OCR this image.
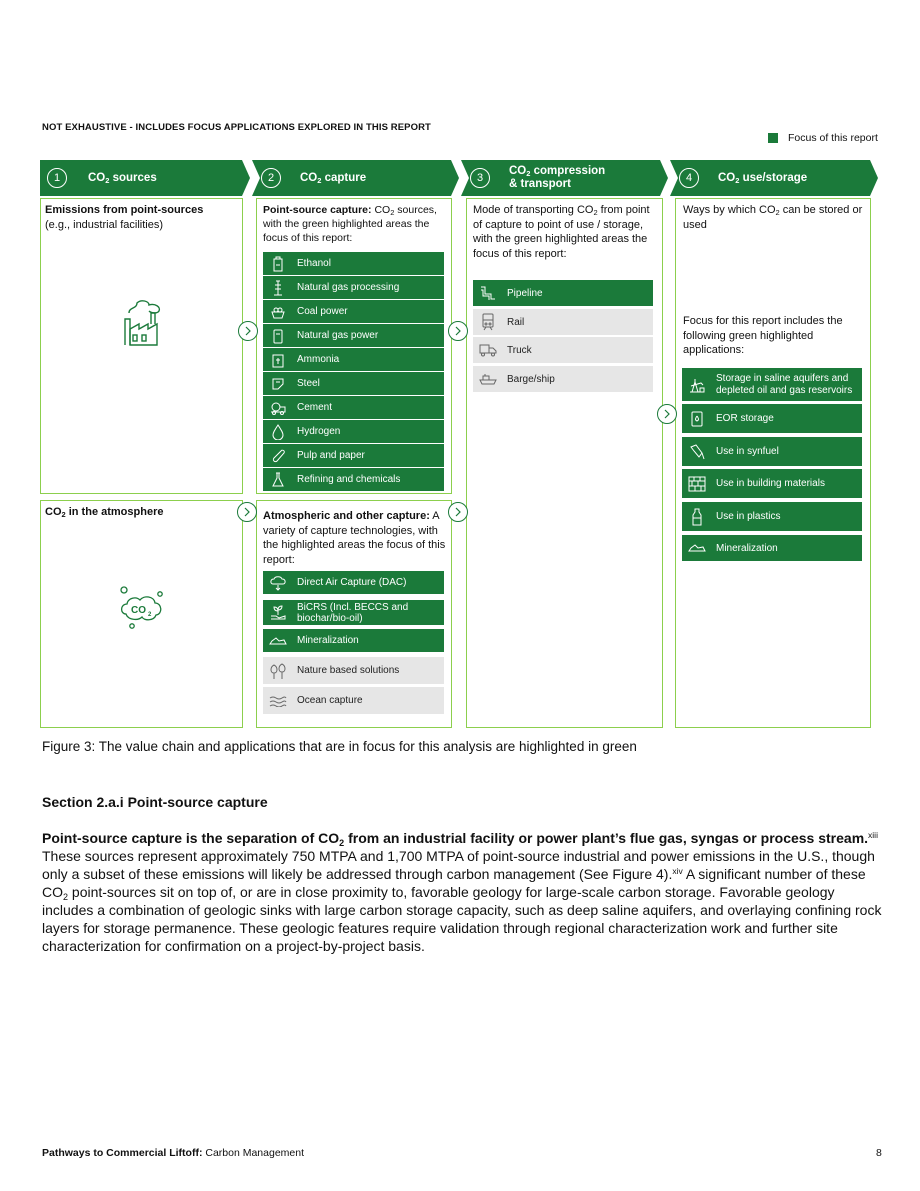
NOT EXHAUSTIVE - INCLUDES FOCUS APPLICATIONS EXPLORED IN THIS REPORT
Focus of this report
1	$CO_2$ sources	2	$CO_2$ capture	3
$CO_2$ compression
& transport	4	$CO_2$ use/storage
Emissions from point-sources
(e.g., industrial facilities)
$CO_2$ in the atmosphere
CO 2
Point-source capture: $CO_2$ sources, with the green highlighted areas the focus of this report:
Atmospheric and other capture: A variety of capture technologies, with the highlighted areas the focus of this report:
Mode of transporting $CO_2$ from point of capture to point of use / storage, with the green highlighted areas the focus of this report:
Ways by which $CO_2$ can be stored or used
Focus for this report includes the following green highlighted applications:
Ethanol
Natural gas processing
Coal power
Natural gas power
Ammonia
Steel
Cement
Hydrogen
Pulp and paper
Refining and chemicals
Direct Air Capture (DAC)
BiCRS (Incl. BECCS and biochar/bio-oil)
Mineralization
Nature based solutions
Ocean capture
Pipeline
Rail
Truck
Barge/ship	Storage in saline aquifers and depleted oil and gas reservoirs
EOR storage
Use in synfuel
Use in building materials
Use in plastics
Mineralization
Figure 3: The value chain and applications that are in focus for this analysis are highlighted in green
Section 2.a.i Point-source capture
Point-source capture is the separation of $CO_2$ from an industrial facility or power plant’s flue gas, syngas or process stream.$^{xiii}$ These sources represent approximately 750 MTPA and 1,700 MTPA of point-source industrial and power emissions in the U.S., though only a subset of these emissions will likely be addressed through carbon management (See Figure 4).$^{xiv}$ A significant number of these $CO_2$ point-sources sit on top of, or are in close proximity to, favorable geology for large-scale carbon storage. Favorable geology includes a combination of geologic sinks with large carbon storage capacity, such as deep saline aquifers, and overlaying confining rock layers for storage permanence. These geologic features require validation through regional characterization work and further site characterization for confirmation on a project-by-project basis.
Pathways to Commercial Liftoff: Carbon Management	8
